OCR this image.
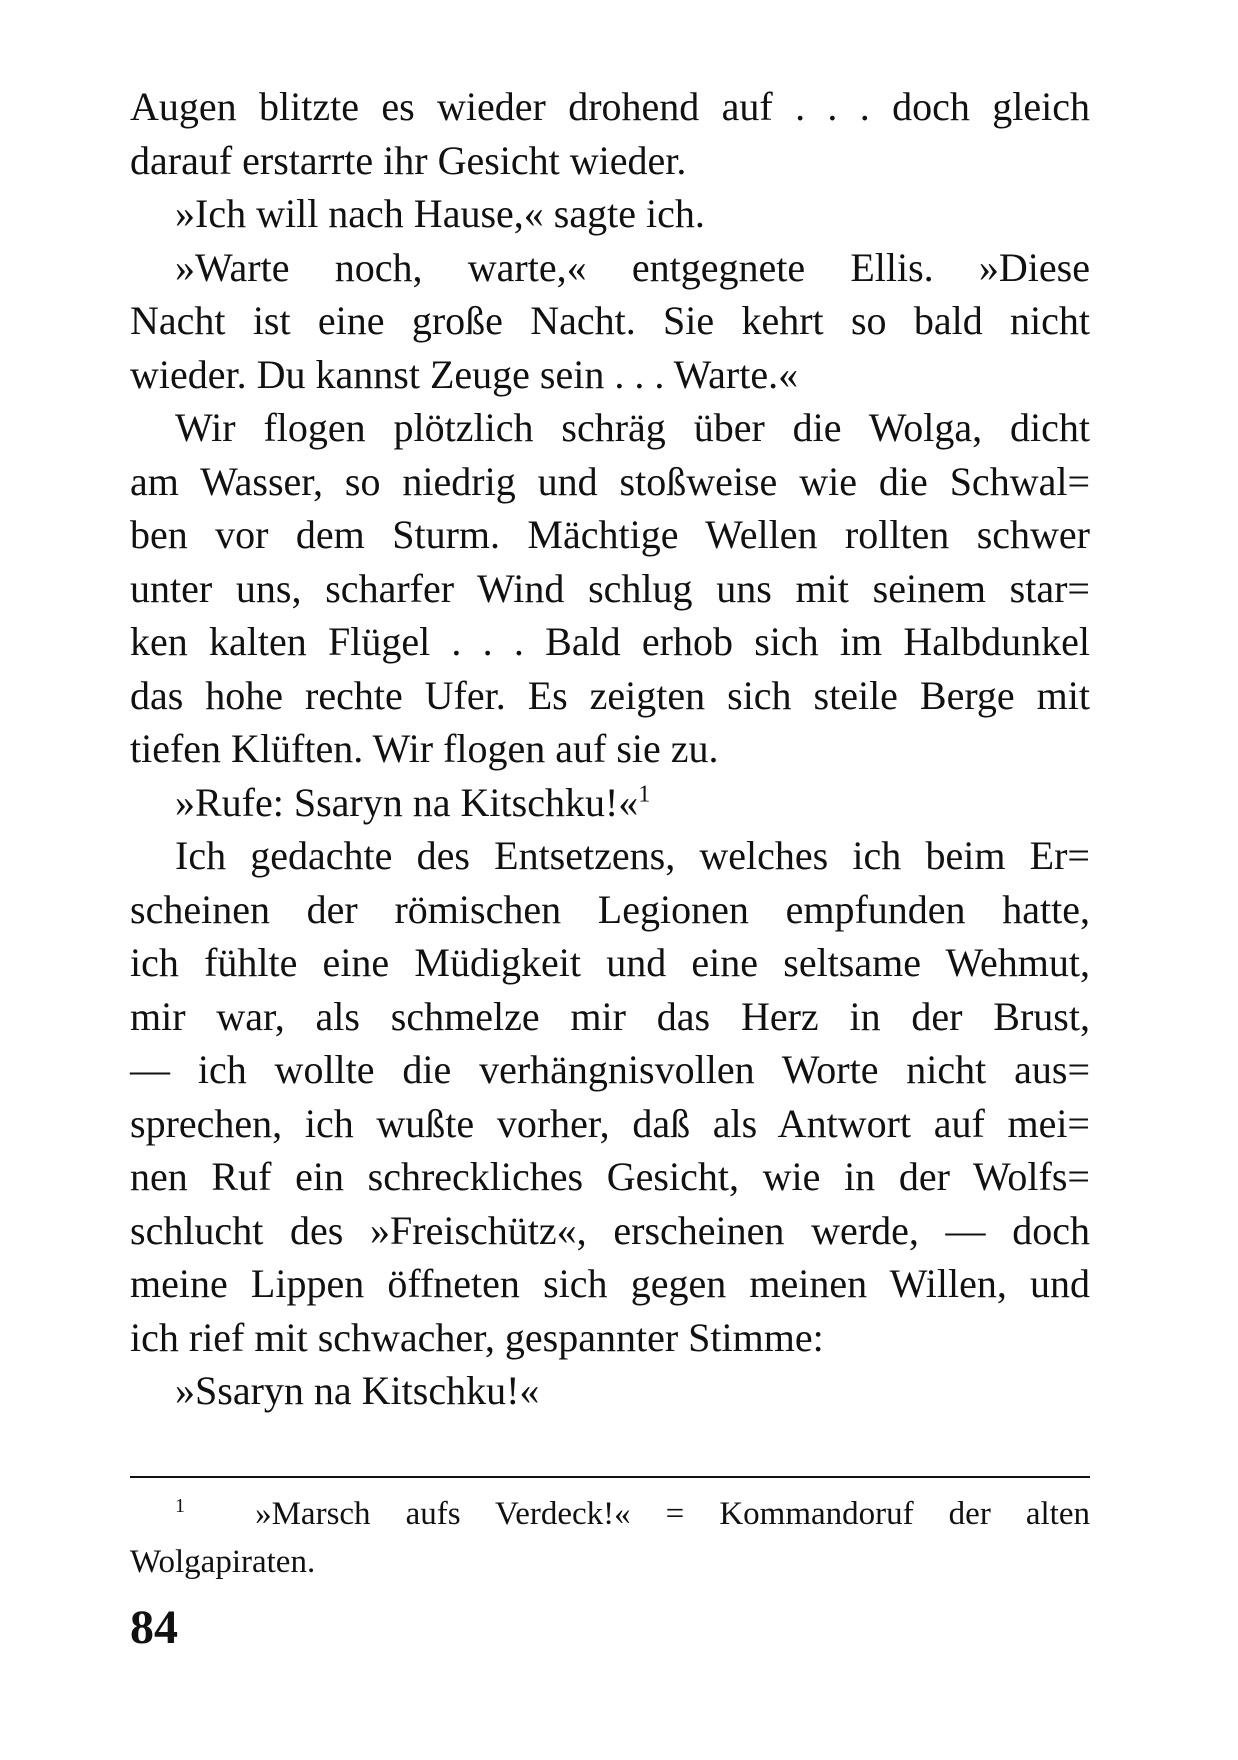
Augen blitzte es wieder drohend auf . . . doch gleich
darauf erstarrte ihr Gesicht wieder.
»Ich will nach Hause,« sagte ich.
»Warte noch, warte,« entgegnete Ellis. »Diese
Nacht ist eine große Nacht. Sie kehrt so bald nicht
wieder. Du kannst Zeuge sein . . . Warte.«
Wir flogen plötzlich schräg über die Wolga, dicht
am Wasser, so niedrig und stoßweise wie die Schwal=
ben vor dem Sturm. Mächtige Wellen rollten schwer
unter uns, scharfer Wind schlug uns mit seinem star=
ken kalten Flügel . . . Bald erhob sich im Halbdunkel
das hohe rechte Ufer. Es zeigten sich steile Berge mit
tiefen Klüften. Wir flogen auf sie zu.
»Rufe: Ssaryn na Kitschku!«$^1$
Ich gedachte des Entsetzens, welches ich beim Er=
scheinen der römischen Legionen empfunden hatte,
ich fühlte eine Müdigkeit und eine seltsame Wehmut,
mir war, als schmelze mir das Herz in der Brust,
— ich wollte die verhängnisvollen Worte nicht aus=
sprechen, ich wußte vorher, daß als Antwort auf mei=
nen Ruf ein schreckliches Gesicht, wie in der Wolfs=
schlucht des »Freischütz«, erscheinen werde, — doch
meine Lippen öffneten sich gegen meinen Willen, und
ich rief mit schwacher, gespannter Stimme:
»Ssaryn na Kitschku!«
$^1$ »Marsch aufs Verdeck!« = Kommandoruf der alten
Wolgapiraten.
84
